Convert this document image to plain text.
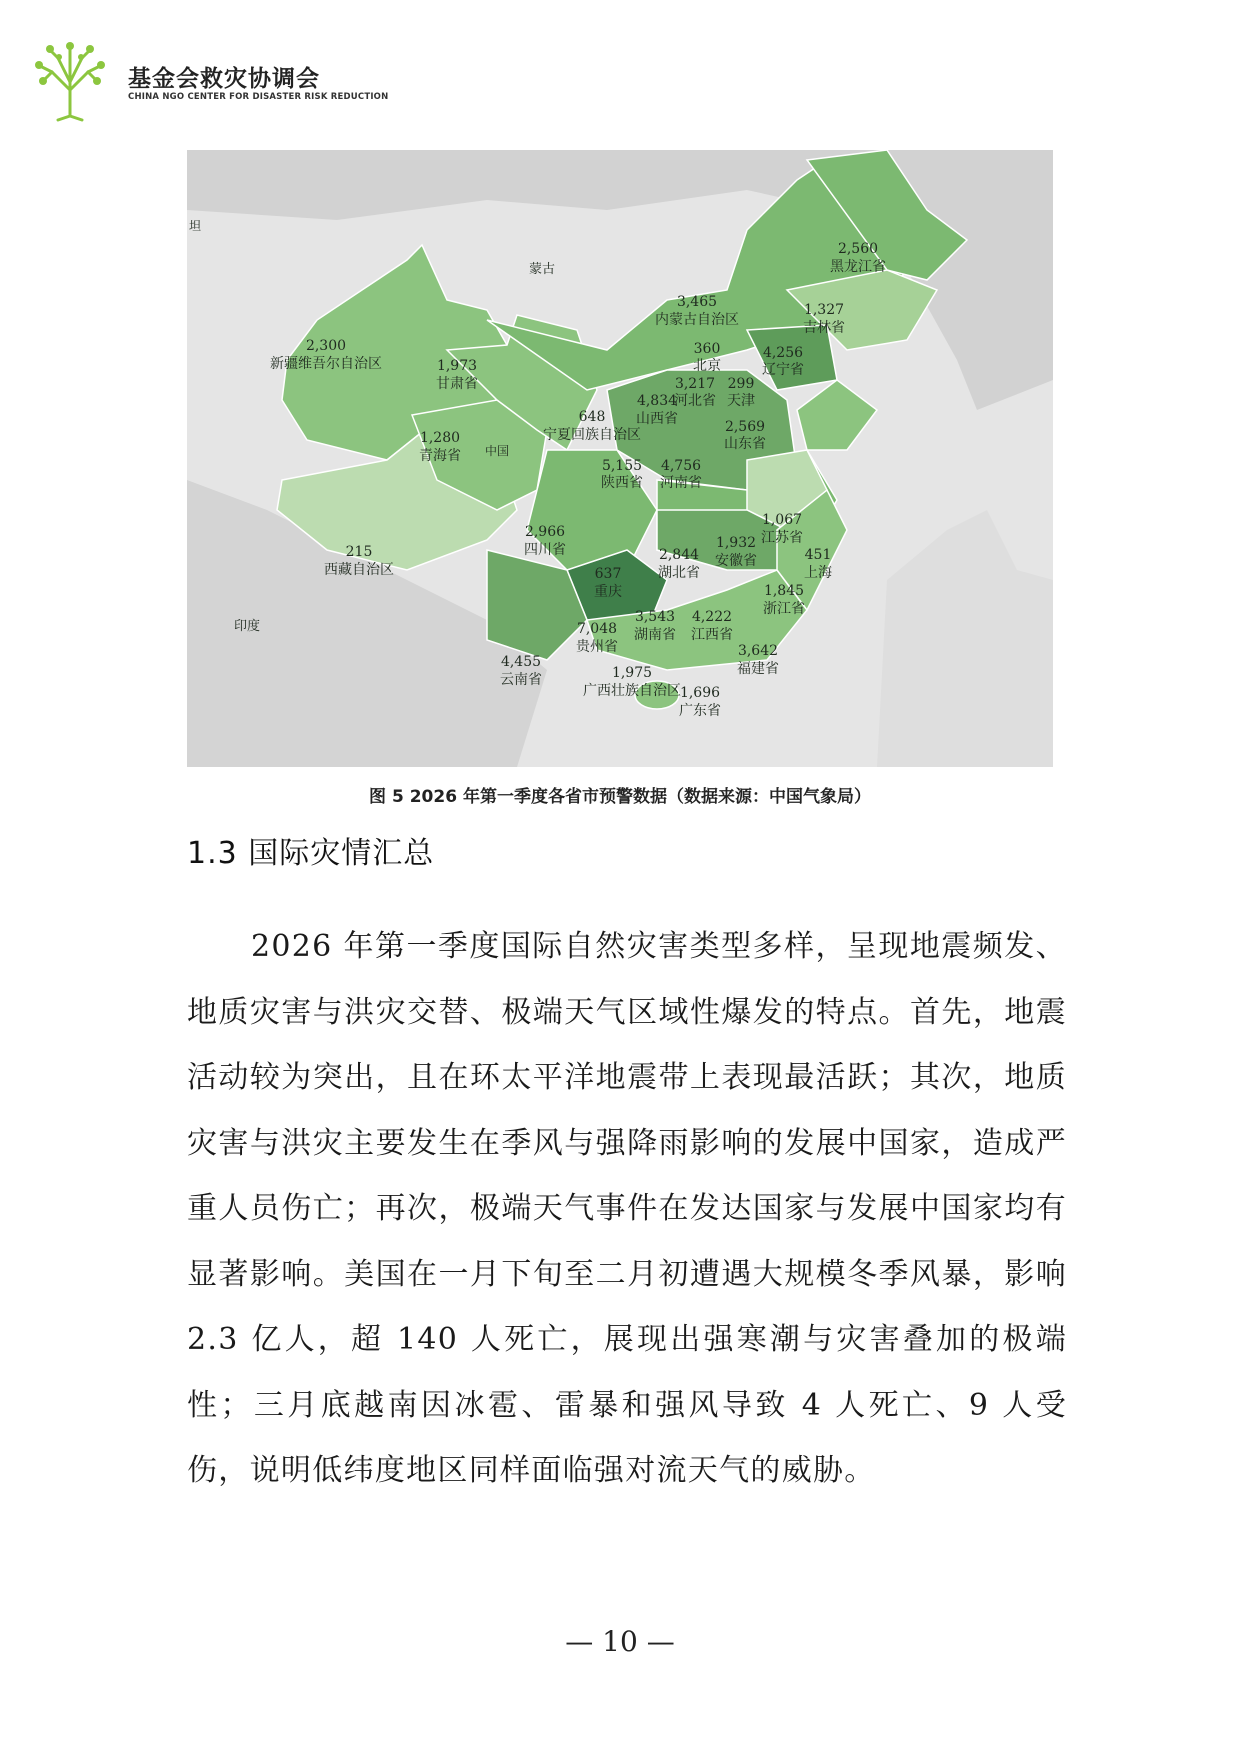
基金会救灾协调会
CHINA NGO CENTER FOR DISASTER RISK REDUCTION
蒙古
印度
中国
坦
2,560
黑龙江省
1,327
吉林省
3,465
内蒙古自治区
4,256
辽宁省
360
北京
299
天津
3,217
河北省
4,834
山西省
2,300
新疆维吾尔自治区	1,973
甘肃省
648
宁夏回族自治区	2,569
山东省
1,280
青海省
5,155
陕西省
4,756
河南省
1,067
江苏省
215
西藏自治区
2,966
四川省
637
重庆
2,844
湖北省
1,932
安徽省	451
上海
1,845
浙江省
7,048
贵州省
3,543
湖南省
4,222
江西省
4,455
云南省
3,642
福建省
1,975
广西壮族自治区
1,696
广东省
图 5 2026 年第一季度各省市预警数据（数据来源：中国气象局）
1.3 国际灾情汇总
2026 年第一季度国际自然灾害类型多样，呈现地震频发、地质灾害与洪灾交替、极端天气区域性爆发的特点。首先，地震活动较为突出，且在环太平洋地震带上表现最活跃；其次，地质灾害与洪灾主要发生在季风与强降雨影响的发展中国家，造成严重人员伤亡；再次，极端天气事件在发达国家与发展中国家均有显著影响。美国在一月下旬至二月初遭遇大规模冬季风暴，影响 2.3 亿人，超 140 人死亡，展现出强寒潮与灾害叠加的极端性；三月底越南因冰雹、雷暴和强风导致 4 人死亡、9 人受伤，说明低纬度地区同样面临强对流天气的威胁。
— 10 —
